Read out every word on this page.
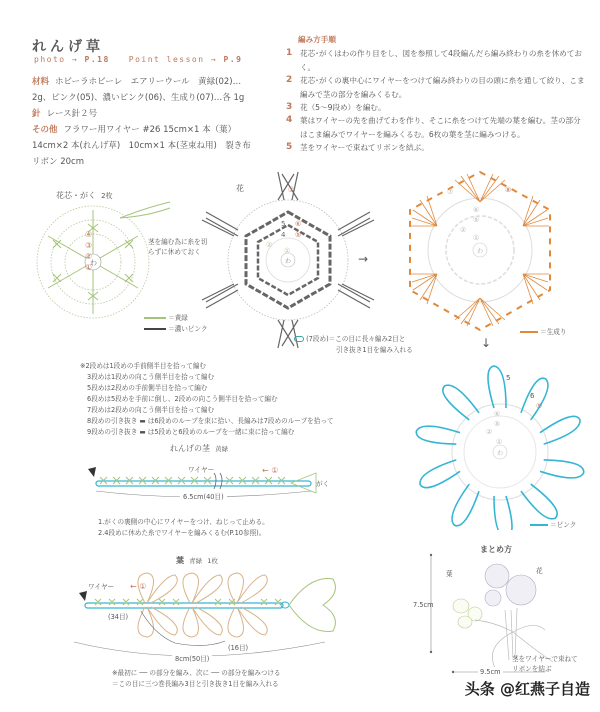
れんげ草
photo → P.18 Point lesson → P.9
材料 ホビーラホビーレ　エアリーウール　黄緑(02)…2g、ピンク(05)、濃いピンク(06)、生成り(07)…各 1g
針 レース針２号
その他 フラワー用ワイヤー #26 15cm×1 本（葉）14cm×2 本(れんげ草)　10cm×1 本(茎束ね用)　裂き布リボン 20cm
編み方手順
1	花芯･がくはわの作り目をし、図を参照して4段編んだら編み終わりの糸を休めておく。
2	花芯･がくの裏中心にワイヤーをつけて編み終わりの目の頭に糸を通して絞り、こま編みで茎の部分を編みくるむ。
3	花（5〜9段め）を編む。
4	葉はワイヤーの先を曲げてわを作り、そこに糸をつけて先端の葉を編む。茎の部分はこま編みでワイヤーを編みくるむ。6枚の葉を茎に編みつける。
5	茎をワイヤーで束ねてリボンを結ぶ。
花芯・がく 2枚
わ
④
③
②
①
茎を編む為に糸を切らずに休めておく
＝黄緑
＝濃いピンク
花
わ
⑦
⑥
⑤
5
4
②
①
(7段め)＝この目に長々編み2目と
引き抜き1目を編み入れる
→
↓
わ
⑧
⑦
⑥
⑤
②
①
＝生成り
※2段めは1段めの手前側半目を拾って編む
3段めは1段めの向こう側半目を拾って編む
5段めは2段めの手前側半目を拾って編む
6段めは5段めを手前に倒し、2段めの向こう側半目を拾って編む
7段めは2段めの向こう側半目を拾って編む
8段めの引き抜き ▬ は6段めのループを束に拾い、長編みは7段めのループを拾って
9段めの引き抜き ▬ は5段めと6段めのループを一緒に束に拾って編む
わ
5
6
⑨
⑥
⑤
②
①
＝ピンク
れんげの茎 黄緑
ワイヤー	← ①
がく
6.5cm(40目)
1.がくの裏側の中心にワイヤーをつけ、ねじって止める。
2.4段めに休めた糸でワイヤーを編みくるむ(P.10参照)。
葉 青緑 1枚
ワイヤー ← ①
(34目)
(16目)
8cm(50目)
※最初に ── の部分を編み、次に ── の部分を編みつける
＝この目に三つ巻長編み3目と引き抜き1目を編み入れる
まとめ方
葉	花
7.5cm
9.5cm
茎をワイヤーで束ねて
リボンを結ぶ
头条 @红燕子自造
